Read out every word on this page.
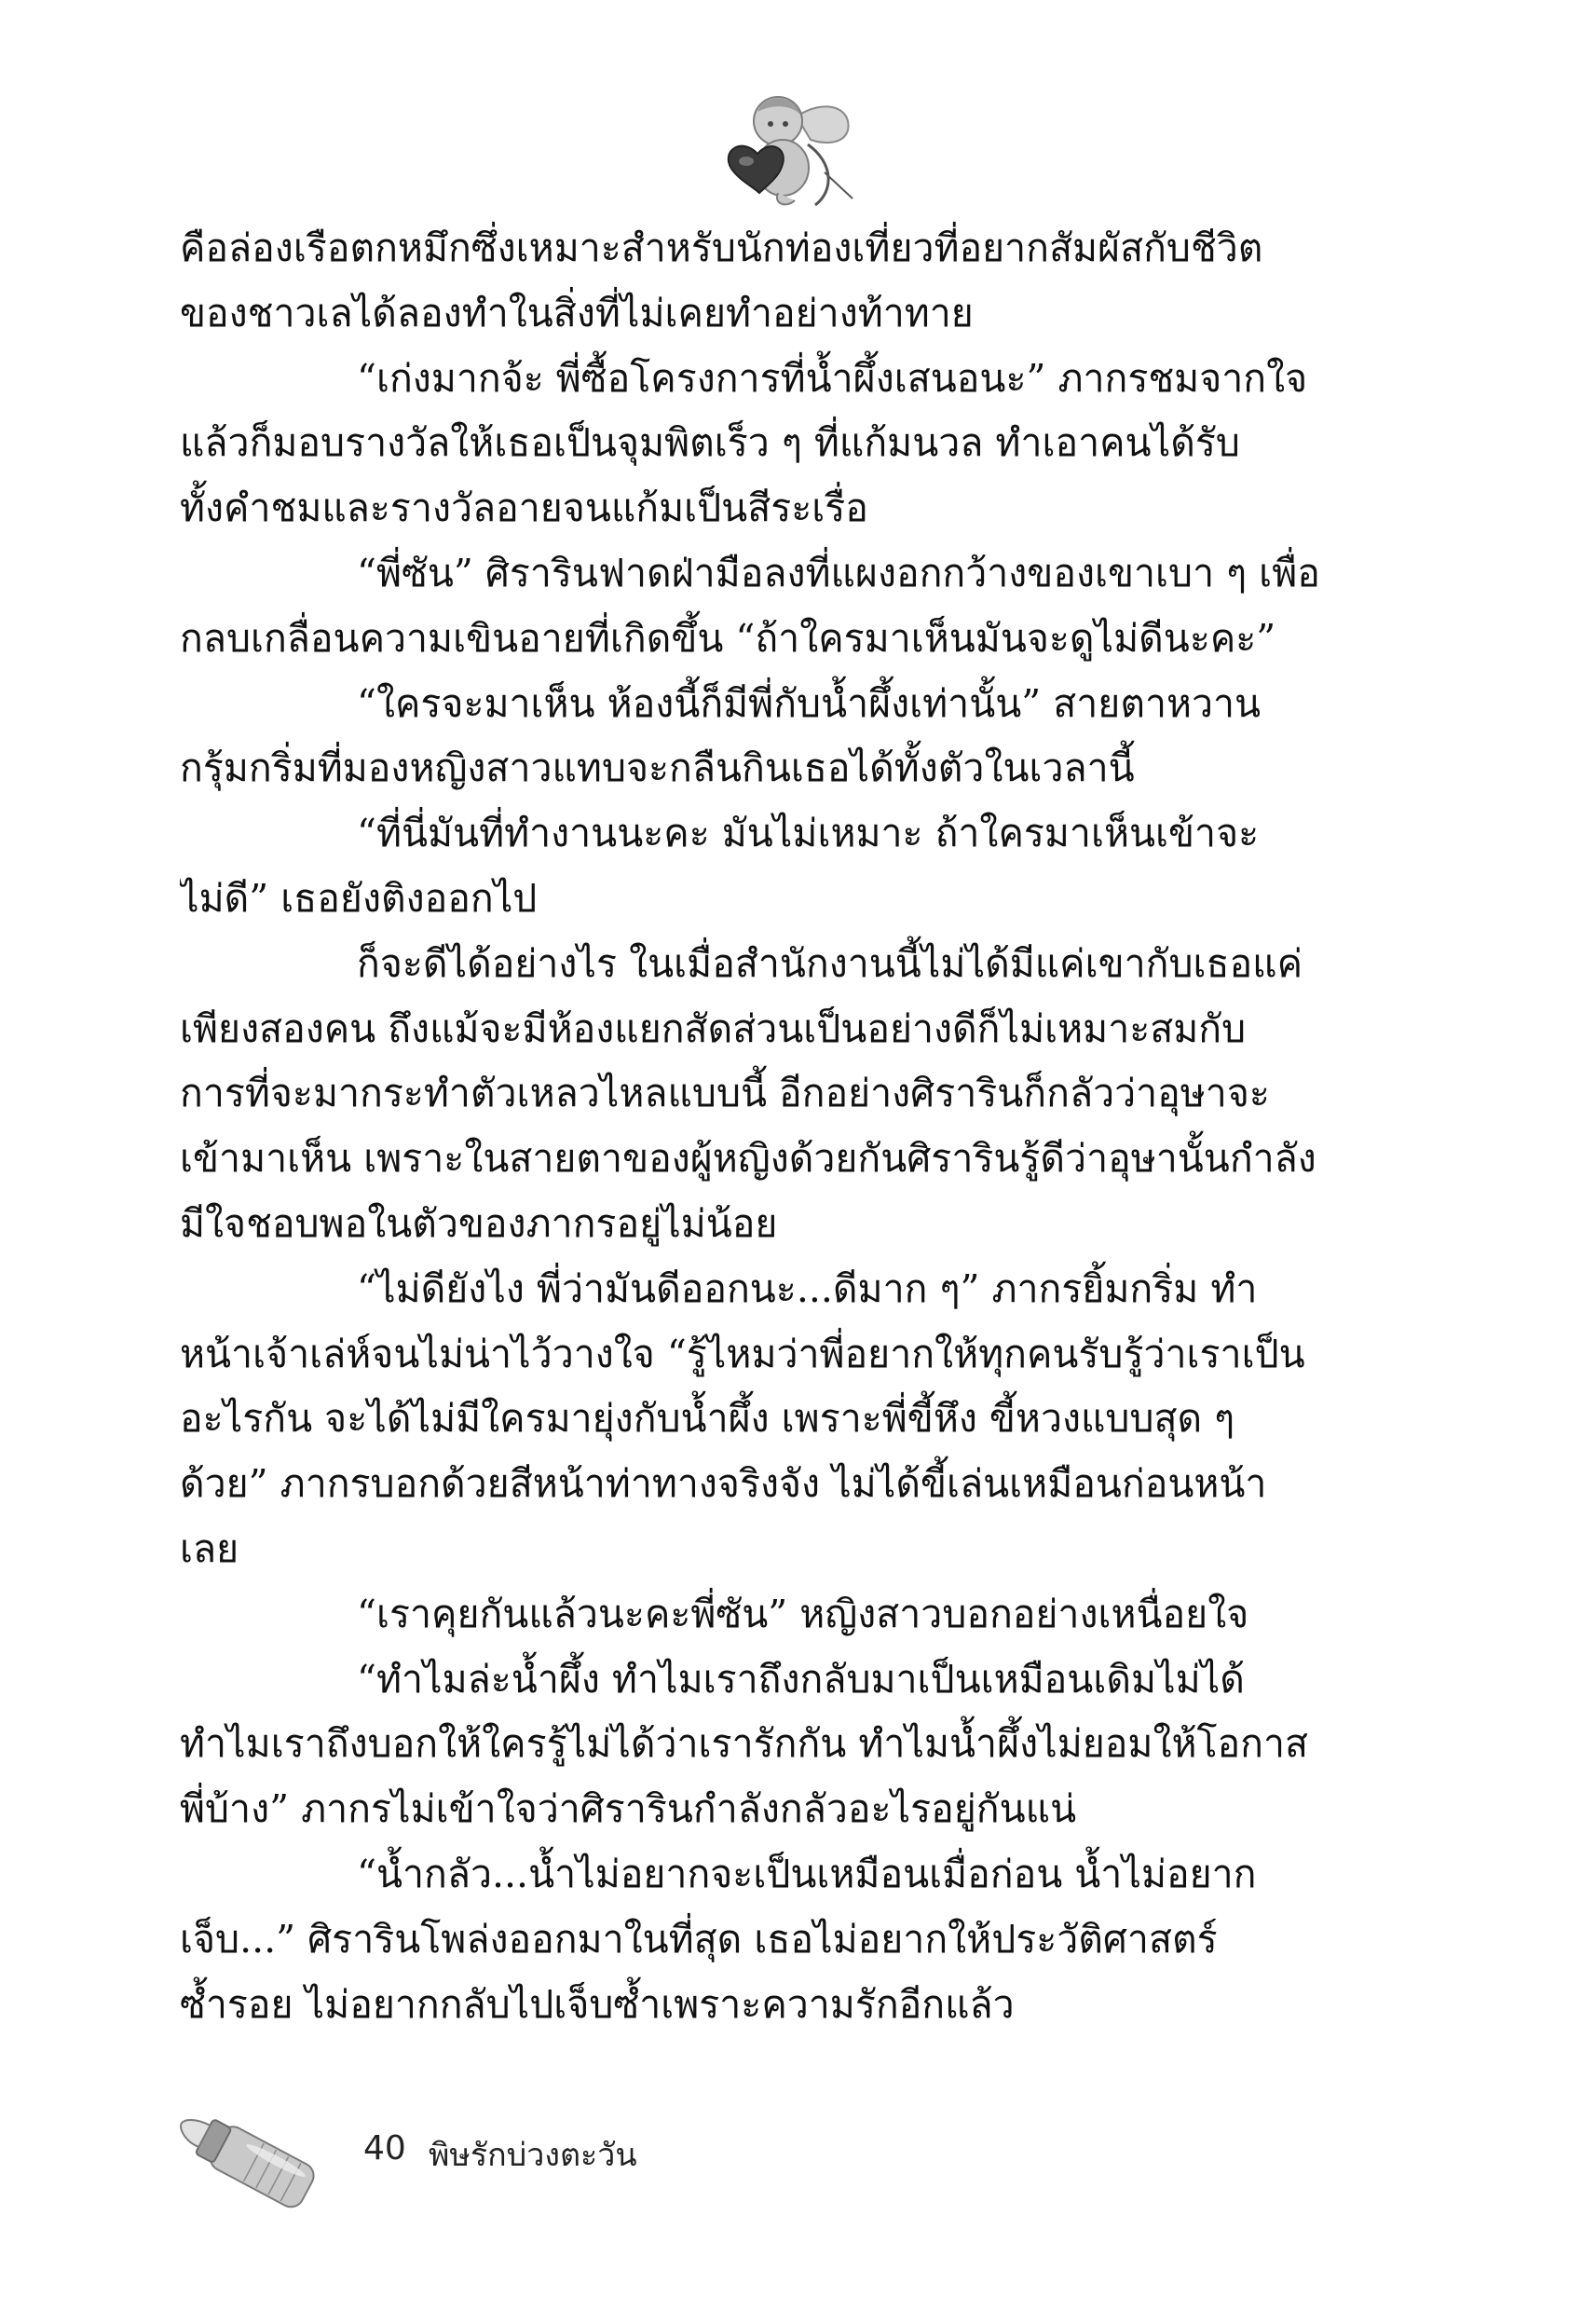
คือล่องเรือตกหมึกซึ่งเหมาะสำหรับนักท่องเที่ยวที่อยากสัมผัสกับชีวิต
ของชาวเลได้ลองทำในสิ่งที่ไม่เคยทำอย่างท้าทาย
“เก่งมากจ้ะ พี่ซื้อโครงการที่น้ำผึ้งเสนอนะ” ภากรชมจากใจ
แล้วก็มอบรางวัลให้เธอเป็นจุมพิตเร็ว ๆ ที่แก้มนวล ทำเอาคนได้รับ
ทั้งคำชมและรางวัลอายจนแก้มเป็นสีระเรื่อ
“พี่ซัน” ศิรารินฟาดฝ่ามือลงที่แผงอกกว้างของเขาเบา ๆ เพื่อ
กลบเกลื่อนความเขินอายที่เกิดขึ้น “ถ้าใครมาเห็นมันจะดูไม่ดีนะคะ”
“ใครจะมาเห็น ห้องนี้ก็มีพี่กับน้ำผึ้งเท่านั้น” สายตาหวาน
กรุ้มกริ่มที่มองหญิงสาวแทบจะกลืนกินเธอได้ทั้งตัวในเวลานี้
“ที่นี่มันที่ทำงานนะคะ มันไม่เหมาะ ถ้าใครมาเห็นเข้าจะ
ไม่ดี” เธอยังติงออกไป
ก็จะดีได้อย่างไร ในเมื่อสำนักงานนี้ไม่ได้มีแค่เขากับเธอแค่
เพียงสองคน ถึงแม้จะมีห้องแยกสัดส่วนเป็นอย่างดีก็ไม่เหมาะสมกับ
การที่จะมากระทำตัวเหลวไหลแบบนี้ อีกอย่างศิรารินก็กลัวว่าอุษาจะ
เข้ามาเห็น เพราะในสายตาของผู้หญิงด้วยกันศิรารินรู้ดีว่าอุษานั้นกำลัง
มีใจชอบพอในตัวของภากรอยู่ไม่น้อย
“ไม่ดียังไง พี่ว่ามันดีออกนะ...ดีมาก ๆ” ภากรยิ้มกริ่ม ทำ
หน้าเจ้าเล่ห์จนไม่น่าไว้วางใจ “รู้ไหมว่าพี่อยากให้ทุกคนรับรู้ว่าเราเป็น
อะไรกัน จะได้ไม่มีใครมายุ่งกับน้ำผึ้ง เพราะพี่ขี้หึง ขี้หวงแบบสุด ๆ
ด้วย” ภากรบอกด้วยสีหน้าท่าทางจริงจัง ไม่ได้ขี้เล่นเหมือนก่อนหน้า
เลย
“เราคุยกันแล้วนะคะพี่ซัน” หญิงสาวบอกอย่างเหนื่อยใจ
“ทำไมล่ะน้ำผึ้ง ทำไมเราถึงกลับมาเป็นเหมือนเดิมไม่ได้
ทำไมเราถึงบอกให้ใครรู้ไม่ได้ว่าเรารักกัน ทำไมน้ำผึ้งไม่ยอมให้โอกาส
พี่บ้าง” ภากรไม่เข้าใจว่าศิรารินกำลังกลัวอะไรอยู่กันแน่
“น้ำกลัว...น้ำไม่อยากจะเป็นเหมือนเมื่อก่อน น้ำไม่อยาก
เจ็บ...” ศิรารินโพล่งออกมาในที่สุด เธอไม่อยากให้ประวัติศาสตร์
ซ้ำรอย ไม่อยากกลับไปเจ็บซ้ำเพราะความรักอีกแล้ว
40 พิษรักบ่วงตะวัน
